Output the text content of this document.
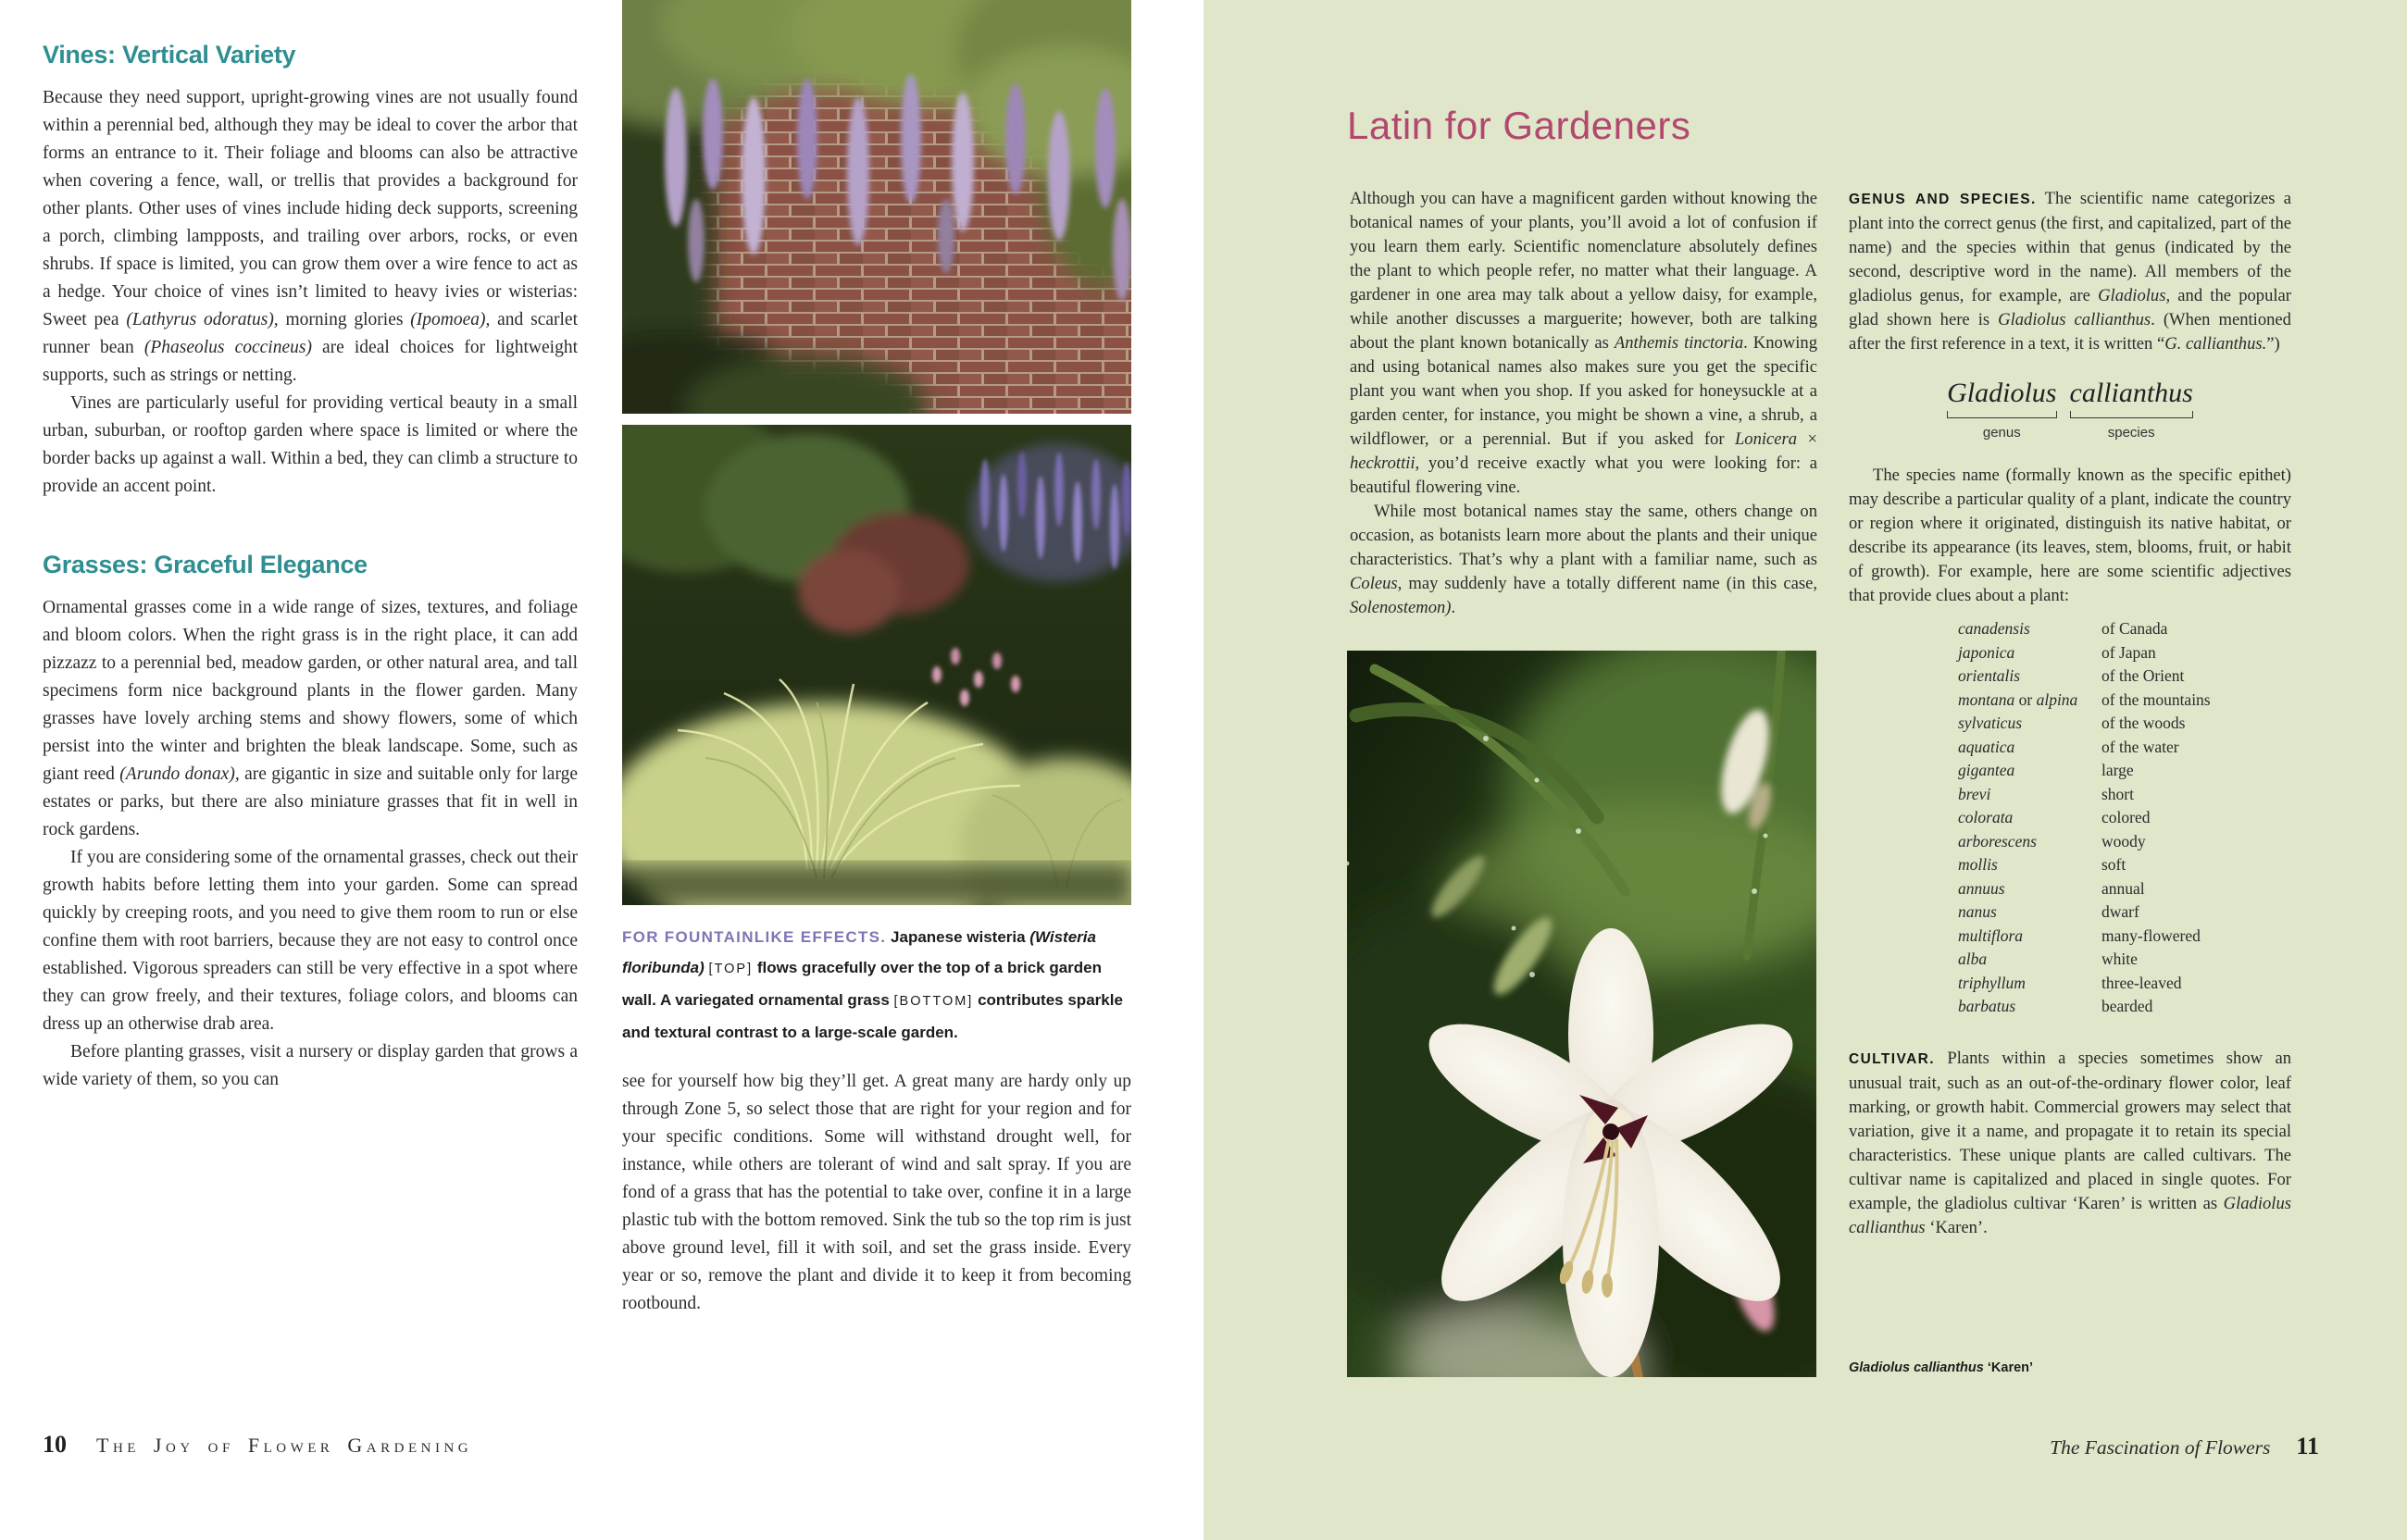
Vines: Vertical Variety

Because they need support, upright-growing vines are not usually found within a perennial bed, although they may be ideal to cover the arbor that forms an entrance to it. Their foliage and blooms can also be attractive when covering a fence, wall, or trellis that provides a background for other plants. Other uses of vines include hiding deck supports, screening a porch, climbing lampposts, and trailing over arbors, rocks, or even shrubs. If space is limited, you can grow them over a wire fence to act as a hedge. Your choice of vines isn’t limited to heavy ivies or wisterias: Sweet pea (Lathyrus odoratus), morning glories (Ipomoea), and scarlet runner bean (Phaseolus coccineus) are ideal choices for lightweight supports, such as strings or netting.

Vines are particularly useful for providing vertical beauty in a small urban, suburban, or rooftop garden where space is limited or where the border backs up against a wall. Within a bed, they can climb a structure to provide an accent point.

Grasses: Graceful Elegance

Ornamental grasses come in a wide range of sizes, textures, and foliage and bloom colors. When the right grass is in the right place, it can add pizzazz to a perennial bed, meadow garden, or other natural area, and tall specimens form nice background plants in the flower garden. Many grasses have lovely arching stems and showy flowers, some of which persist into the winter and brighten the bleak landscape. Some, such as giant reed (Arundo donax), are gigantic in size and suitable only for large estates or parks, but there are also miniature grasses that fit in well in rock gardens.

If you are considering some of the ornamental grasses, check out their growth habits before letting them into your garden. Some can spread quickly by creeping roots, and you need to give them room to run or else confine them with root barriers, because they are not easy to control once established. Vigorous spreaders can still be very effective in a spot where they can grow freely, and their textures, foliage colors, and blooms can dress up an otherwise drab area.

Before planting grasses, visit a nursery or display garden that grows a wide variety of them, so you can

FOR FOUNTAINLIKE EFFECTS. Japanese wisteria (Wisteria floribunda) [TOP] flows gracefully over the top of a brick garden wall. A variegated ornamental grass [BOTTOM] contributes sparkle and textural contrast to a large-scale garden.

see for yourself how big they’ll get. A great many are hardy only up through Zone 5, so select those that are right for your region and for your specific conditions. Some will withstand drought well, for instance, while others are tolerant of wind and salt spray. If you are fond of a grass that has the potential to take over, confine it in a large plastic tub with the bottom removed. Sink the tub so the top rim is just above ground level, fill it with soil, and set the grass inside. Every year or so, remove the plant and divide it to keep it from becoming rootbound.

10 The Joy of Flower Gardening
Latin for Gardeners

Although you can have a magnificent garden without knowing the botanical names of your plants, you’ll avoid a lot of confusion if you learn them early. Scientific nomenclature absolutely defines the plant to which people refer, no matter what their language. A gardener in one area may talk about a yellow daisy, for example, while another discusses a marguerite; however, both are talking about the plant known botanically as Anthemis tinctoria. Knowing and using botanical names also makes sure you get the specific plant you want when you shop. If you asked for honeysuckle at a garden center, for instance, you might be shown a vine, a shrub, a wildflower, or a perennial. But if you asked for Lonicera × heckrottii, you’d receive exactly what you were looking for: a beautiful flowering vine.

While most botanical names stay the same, others change on occasion, as botanists learn more about the plants and their unique characteristics. That’s why a plant with a familiar name, such as Coleus, may suddenly have a totally different name (in this case, Solenostemon).

Gladiolus callianthus ‘Karen’

GENUS AND SPECIES. The scientific name categorizes a plant into the correct genus (the first, and capitalized, part of the name) and the species within that genus (indicated by the second, descriptive word in the name). All members of the gladiolus genus, for example, are Gladiolus, and the popular glad shown here is Gladiolus callianthus. (When mentioned after the first reference in a text, it is written “G. callianthus.”)

Gladiolus
genus
callianthus
species

The species name (formally known as the specific epithet) may describe a particular quality of a plant, indicate the country or region where it originated, distinguish its native habitat, or describe its appearance (its leaves, stem, blooms, fruit, or habit of growth). For example, here are some scientific adjectives that provide clues about a plant:

canadensis	of Canada
japonica	of Japan
orientalis	of the Orient
montana or alpina	of the mountains
sylvaticus	of the woods
aquatica	of the water
gigantea	large
brevi	short
colorata	colored
arborescens	woody
mollis	soft
annuus	annual
nanus	dwarf
multiflora	many-flowered
alba	white
triphyllum	three-leaved
barbatus	bearded

CULTIVAR. Plants within a species sometimes show an unusual trait, such as an out-of-the-ordinary flower color, leaf marking, or growth habit. Commercial growers may select that variation, give it a name, and propagate it to retain its special characteristics. These unique plants are called cultivars. The cultivar name is capitalized and placed in single quotes. For example, the gladiolus cultivar ‘Karen’ is written as Gladiolus callianthus ‘Karen’.

The Fascination of Flowers 11
